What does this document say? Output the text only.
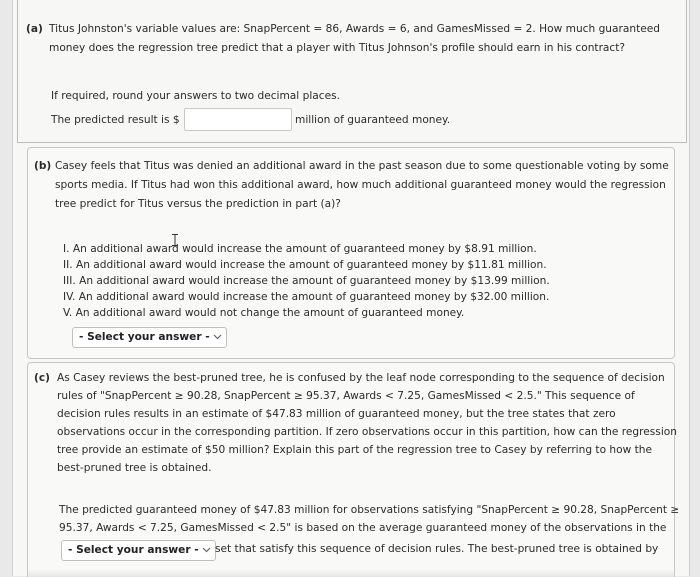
(a) Titus Johnston's variable values are: SnapPercent = 86, Awards = 6, and GamesMissed = 2. How much guaranteed
money does the regression tree predict that a player with Titus Johnson's profile should earn in his contract?
If required, round your answers to two decimal places.
The predicted result is $	million of guaranteed money.
(b) Casey feels that Titus was denied an additional award in the past season due to some questionable voting by some
sports media. If Titus had won this additional award, how much additional guaranteed money would the regression
tree predict for Titus versus the prediction in part (a)?
I. An additional award would increase the amount of guaranteed money by $8.91 million.
II. An additional award would increase the amount of guaranteed money by $11.81 million.
III. An additional award would increase the amount of guaranteed money by $13.99 million.
IV. An additional award would increase the amount of guaranteed money by $32.00 million.
V. An additional award would not change the amount of guaranteed money.
- Select your answer -
(c) As Casey reviews the best-pruned tree, he is confused by the leaf node corresponding to the sequence of decision
rules of "SnapPercent ≥ 90.28, SnapPercent ≥ 95.37, Awards < 7.25, GamesMissed < 2.5." This sequence of
decision rules results in an estimate of $47.83 million of guaranteed money, but the tree states that zero
observations occur in the corresponding partition. If zero observations occur in this partition, how can the regression
tree provide an estimate of $50 million? Explain this part of the regression tree to Casey by referring to how the
best-pruned tree is obtained.
The predicted guaranteed money of $47.83 million for observations satisfying "SnapPercent ≥ 90.28, SnapPercent ≥
95.37, Awards < 7.25, GamesMissed < 2.5" is based on the average guaranteed money of the observations in the
- Select your answer -	set that satisfy this sequence of decision rules. The best-pruned tree is obtained by
